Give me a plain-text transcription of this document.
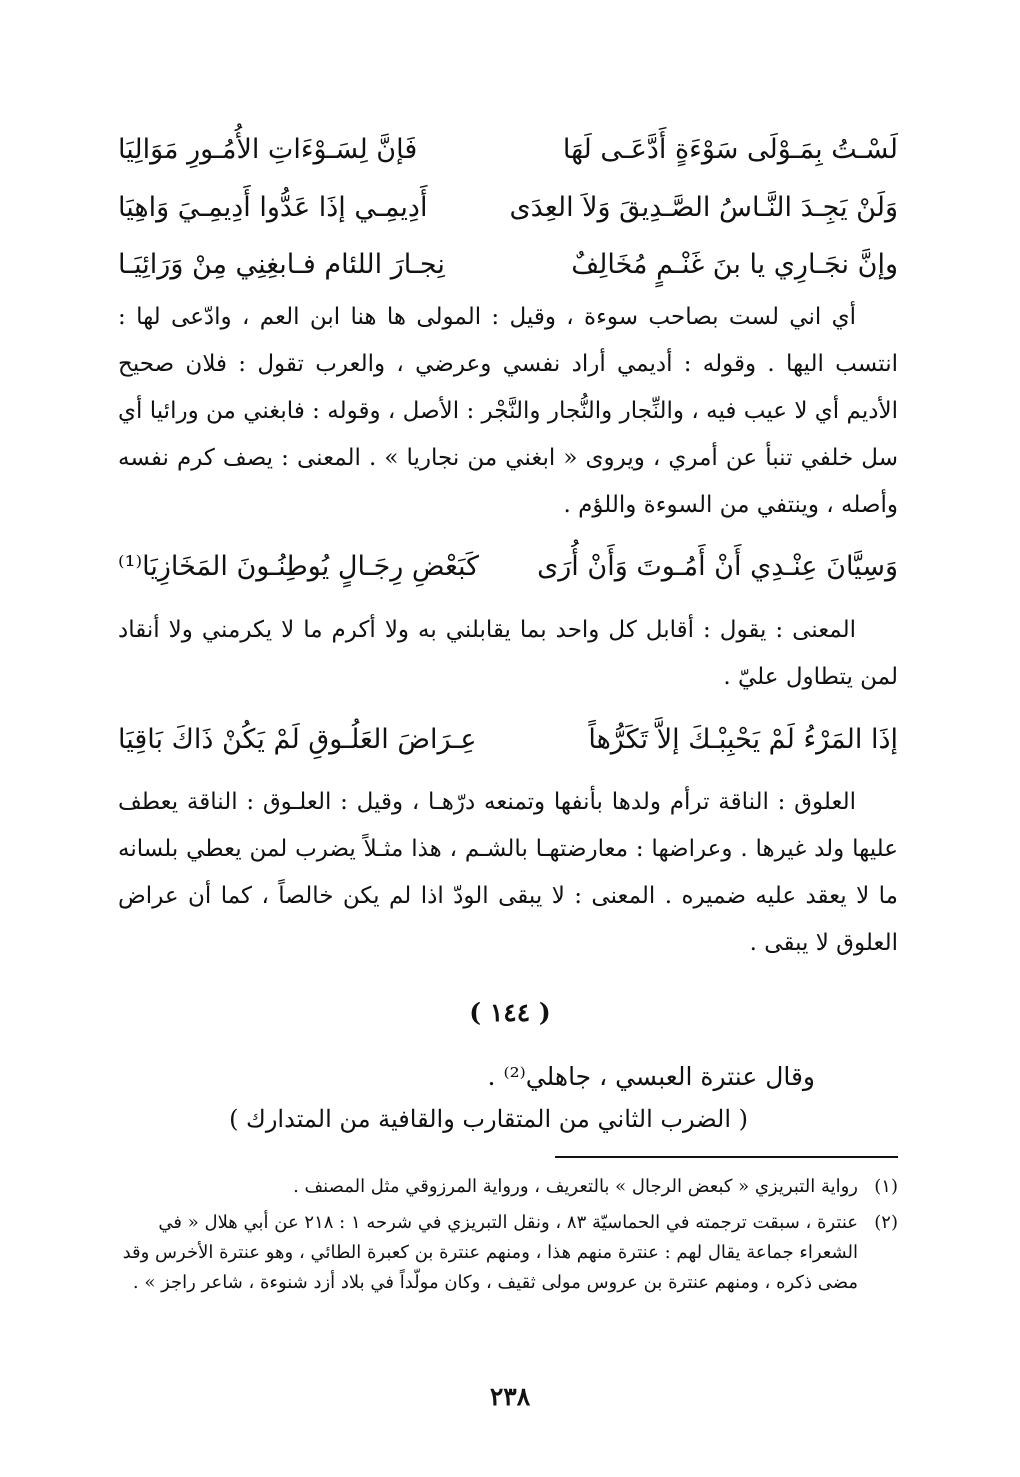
لَسْـتُ بِمَـوْلَى سَوْءَةٍ أَدَّعَـى لَهَا
فَإنَّ لِسَـوْءَاتِ الأُمُـورِ مَوَالِيَا
وَلَنْ يَجِـدَ النَّـاسُ الصَّـدِيقَ وَلاَ العِدَى
أَدِيمِـي إذَا عَدُّوا أَدِيمِـيَ وَاهِيَا
وإنَّ نجَـارِي يا بنَ غَنْـمٍ مُخَالِفٌ
نِجـارَ اللئام فـابغِنِي مِنْ وَرَائِيَـا
أي اني لست بصاحب سوءة ، وقيل : المولى ها هنا ابن العم ، وادّعى لها : انتسب اليها . وقوله : أديمي أراد نفسي وعرضي ، والعرب تقول : فلان صحيح الأديم أي لا عيب فيه ، والنِّجار والنُّجار والنَّجْر : الأصل ، وقوله : فابغني من ورائيا أي سل خلفي تنبأ عن أمري ، ويروى « ابغني من نجاريا » . المعنى : يصف كرم نفسه وأصله ، وينتفي من السوءة واللؤم .
وَسِيَّانَ عِنْـدِي أَنْ أَمُـوتَ وَأَنْ أُرَى
كَبَعْضِ رِجَـالٍ يُوطِنُـونَ المَخَازِيَا⁽¹⁾
المعنى : يقول : أقابل كل واحد بما يقابلني به ولا أكرم ما لا يكرمني ولا أنقاد لمن يتطاول عليّ .
إذَا المَرْءُ لَمْ يَحْبِبْـكَ إلاَّ تَكَرُّهاً
عِـرَاضَ العَلُـوقِ لَمْ يَكُنْ ذَاكَ بَاقِيَا
العلوق : الناقة ترأم ولدها بأنفها وتمنعه درّهـا ، وقيل : العلـوق : الناقة يعطف عليها ولد غيرها . وعراضها : معارضتهـا بالشـم ، هذا مثـلاً يضرب لمن يعطي بلسانه ما لا يعقد عليه ضميره . المعنى : لا يبقى الودّ اذا لم يكن خالصاً ، كما أن عراض العلوق لا يبقى .
( ١٤٤ )
وقال عنترة العبسي ، جاهلي⁽²⁾ .
( الضرب الثاني من المتقارب والقافية من المتدارك )
(١)
رواية التبريزي « كبعض الرجال » بالتعريف ، ورواية المرزوقي مثل المصنف .
(٢)
عنترة ، سبقت ترجمته في الحماسيّة ٨٣ ، ونقل التبريزي في شرحه ١ : ٢١٨ عن أبي هلال « في الشعراء جماعة يقال لهم : عنترة منهم هذا ، ومنهم عنترة بن كعبرة الطائي ، وهو عنترة الأخرس وقد مضى ذكره ، ومنهم عنترة بن عروس مولى ثقيف ، وكان مولّداً في بلاد أزد شنوءة ، شاعر راجز » .
٢٣٨
